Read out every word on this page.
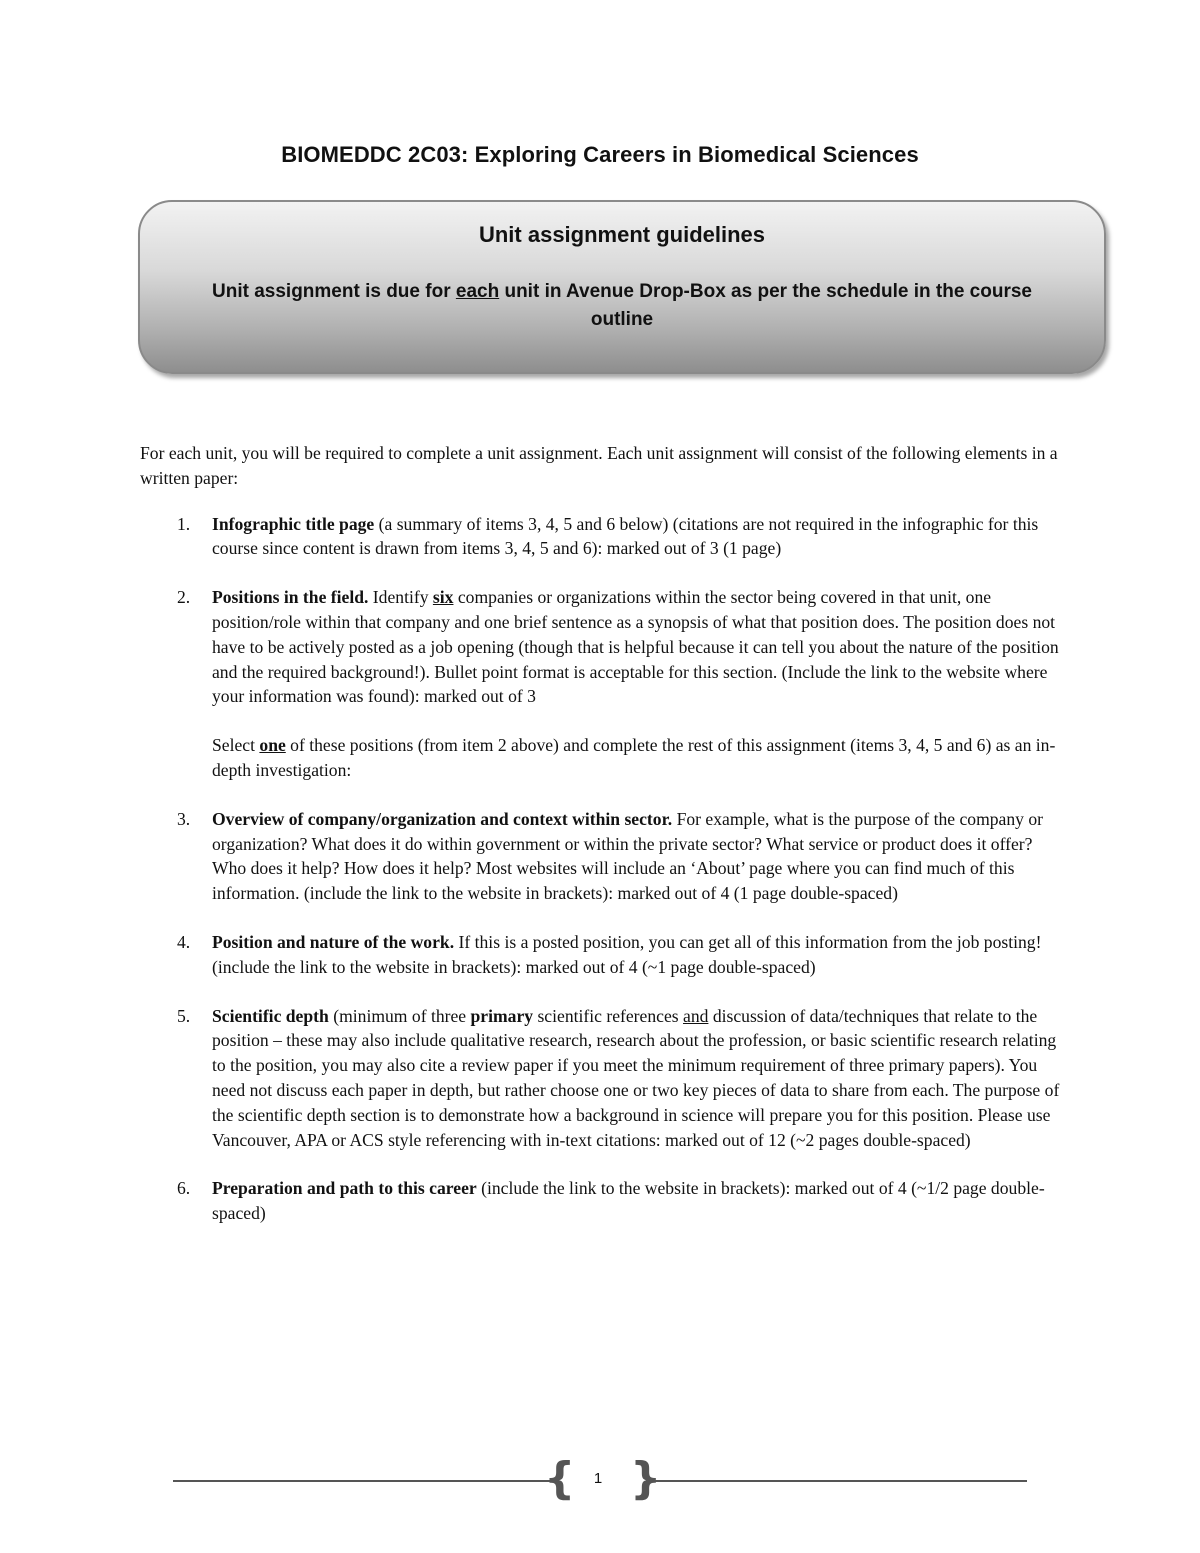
BIOMEDDC 2C03: Exploring Careers in Biomedical Sciences
Unit assignment guidelines
Unit assignment is due for each unit in Avenue Drop-Box as per the schedule in the course outline

For each unit, you will be required to complete a unit assignment. Each unit assignment will consist of the following elements in a written paper:

1. Infographic title page (a summary of items 3, 4, 5 and 6 below) (citations are not required in the infographic for this course since content is drawn from items 3, 4, 5 and 6): marked out of 3 (1 page)
2. Positions in the field. Identify six companies or organizations within the sector being covered in that unit, one position/role within that company and one brief sentence as a synopsis of what that position does. The position does not have to be actively posted as a job opening (though that is helpful because it can tell you about the nature of the position and the required background!). Bullet point format is acceptable for this section. (Include the link to the website where your information was found): marked out of 3
Select one of these positions (from item 2 above) and complete the rest of this assignment (items 3, 4, 5 and 6) as an in-depth investigation:
3. Overview of company/organization and context within sector. For example, what is the purpose of the company or organization? What does it do within government or within the private sector? What service or product does it offer? Who does it help? How does it help? Most websites will include an ‘About’ page where you can find much of this information. (include the link to the website in brackets): marked out of 4 (1 page double-spaced)
4. Position and nature of the work. If this is a posted position, you can get all of this information from the job posting! (include the link to the website in brackets): marked out of 4 (~1 page double-spaced)
5. Scientific depth (minimum of three primary scientific references and discussion of data/techniques that relate to the position – these may also include qualitative research, research about the profession, or basic scientific research relating to the position, you may also cite a review paper if you meet the minimum requirement of three primary papers). You need not discuss each paper in depth, but rather choose one or two key pieces of data to share from each. The purpose of the scientific depth section is to demonstrate how a background in science will prepare you for this position. Please use Vancouver, APA or ACS style referencing with in-text citations: marked out of 12 (~2 pages double-spaced)
6. Preparation and path to this career (include the link to the website in brackets): marked out of 4 (~1/2 page double-spaced)
{ }
1
